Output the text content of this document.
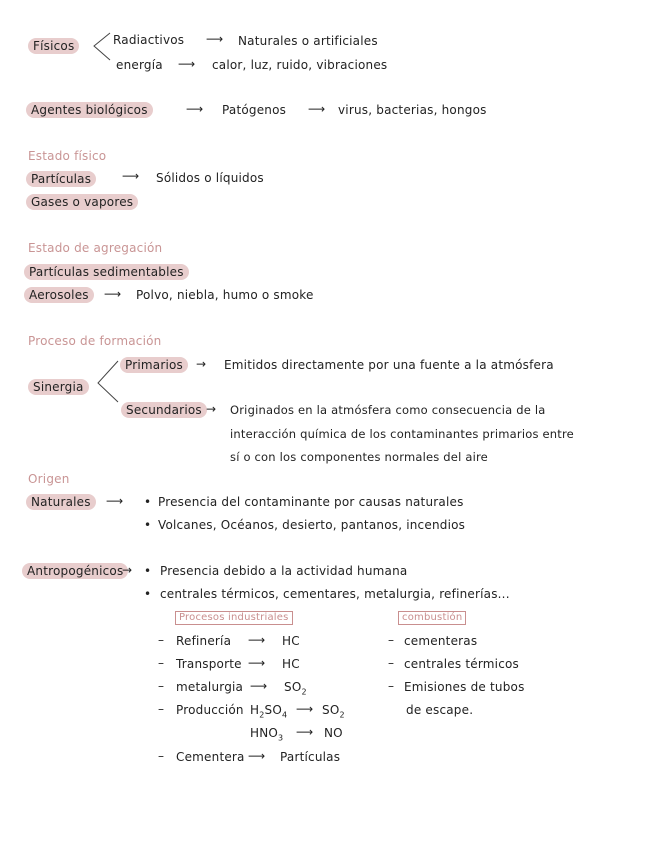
Físicos	Radiactivos ⟶ Naturales o artificiales
energía ⟶ calor, luz, ruido, vibraciones
Agentes biológicos	⟶ Patógenos ⟶ virus, bacterias, hongos
Estado físico
Partículas	⟶ Sólidos o líquidos
Gases o vapores
Estado de agregación
Partículas sedimentables
Aerosoles	⟶ Polvo, niebla, humo o smoke
Proceso de formación
Primarios	→ Emitidos directamente por una fuente a la atmósfera
Sinergia
Secundarios → Originados en la atmósfera como consecuencia de la
interacción química de los contaminantes primarios entre
sí o con los componentes normales del aire
Origen
Naturales	⟶ • Presencia del contaminante por causas naturales
• Volcanes, Océanos, desierto, pantanos, incendios
Antropogénicos
→ • Presencia debido a la actividad humana
• centrales térmicos, cementares, metalurgia, refinerías...
Procesos industriales
– Refinería ⟶ HC
– Transporte ⟶ HC
– metalurgia ⟶ $SO_2$
– Producción $H_2SO_4$ ⟶ $SO_2$
$HNO_3$ ⟶ NO
– Cementera ⟶ Partículas
combustión
– cementeras
– centrales térmicos
– Emisiones de tubos
de escape.
